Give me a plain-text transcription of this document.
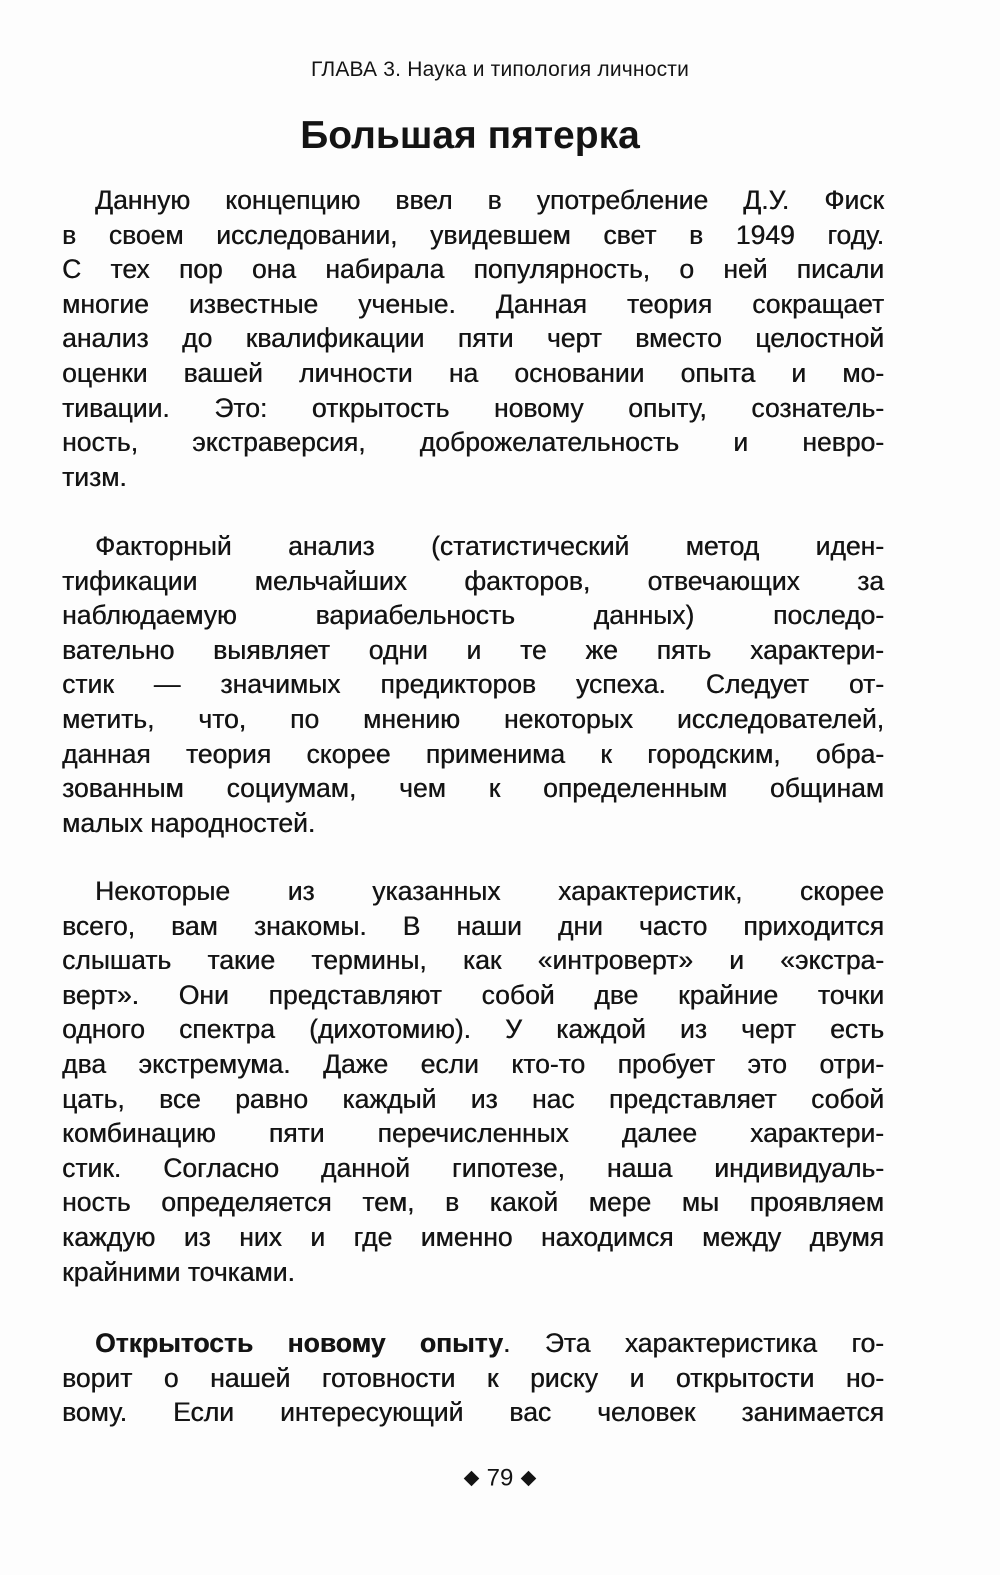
ГЛАВА 3. Наука и типология личности
Большая пятерка
Данную концепцию ввел в употребление Д.У. Фиск
в своем исследовании, увидевшем свет в 1949 году.
С тех пор она набирала популярность, о ней писали
многие известные ученые. Данная теория сокращает
анализ до квалификации пяти черт вместо целостной
оценки вашей личности на основании опыта и мо-
тивации. Это: открытость новому опыту, сознатель-
ность, экстраверсия, доброжелательность и невро-
тизм.
Факторный анализ (статистический метод иден-
тификации мельчайших факторов, отвечающих за
наблюдаемую вариабельность данных) последо-
вательно выявляет одни и те же пять характери-
стик — значимых предикторов успеха. Следует от-
метить, что, по мнению некоторых исследователей,
данная теория скорее применима к городским, обра-
зованным социумам, чем к определенным общинам
малых народностей.
Некоторые из указанных характеристик, скорее
всего, вам знакомы. В наши дни часто приходится
слышать такие термины, как «интроверт» и «экстра-
верт». Они представляют собой две крайние точки
одного спектра (дихотомию). У каждой из черт есть
два экстремума. Даже если кто-то пробует это отри-
цать, все равно каждый из нас представляет собой
комбинацию пяти перечисленных далее характери-
стик. Согласно данной гипотезе, наша индивидуаль-
ность определяется тем, в какой мере мы проявляем
каждую из них и где именно находимся между двумя
крайними точками.
Открытость новому опыту. Эта характеристика го-
ворит о нашей готовности к риску и открытости но-
вому. Если интересующий вас человек занимается
79
